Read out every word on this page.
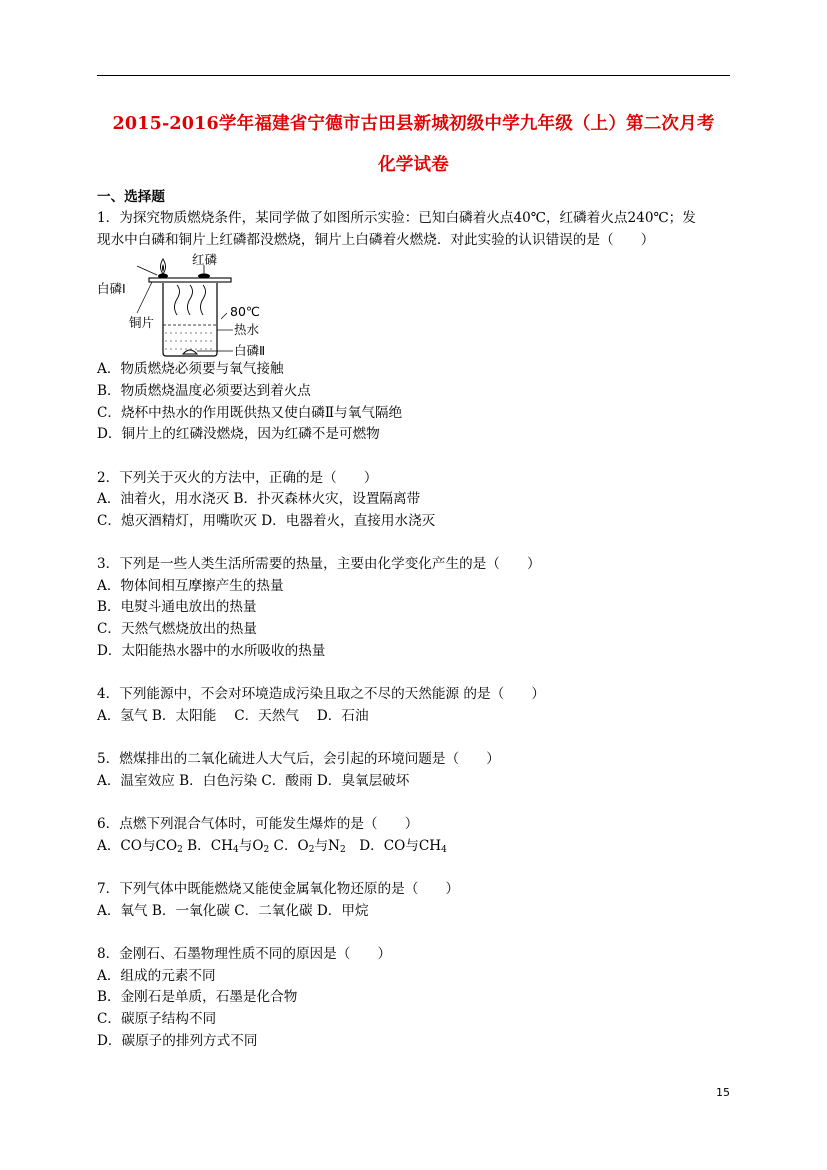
2015-2016学年福建省宁德市古田县新城初级中学九年级（上）第二次月考
化学试卷
一、选择题
1．为探究物质燃烧条件，某同学做了如图所示实验：已知白磷着火点40℃，红磷着火点240℃；发
现水中白磷和铜片上红磷都没燃烧，铜片上白磷着火燃烧．对此实验的认识错误的是（　　）
红磷
白磷Ⅰ
80℃
铜片	热水
白磷Ⅱ
A．物质燃烧必须要与氧气接触
B．物质燃烧温度必须要达到着火点
C．烧杯中热水的作用既供热又使白磷Ⅱ与氧气隔绝
D．铜片上的红磷没燃烧，因为红磷不是可燃物
2．下列关于灭火的方法中，正确的是（　　）
A．油着火，用水浇灭 B．扑灭森林火灾，设置隔离带
C．熄灭酒精灯，用嘴吹灭 D．电器着火，直接用水浇灭
3．下列是一些人类生活所需要的热量，主要由化学变化产生的是（　　）
A．物体间相互摩擦产生的热量
B．电熨斗通电放出的热量
C．天然气燃烧放出的热量
D．太阳能热水器中的水所吸收的热量
4．下列能源中，不会对环境造成污染且取之不尽的天然能源 的是（　　）
A．氢气 B．太阳能　 C．天然气　 D．石油
5．燃煤排出的二氧化硫进人大气后，会引起的环境问题是（　　）
A．温室效应 B．白色污染 C．酸雨 D．臭氧层破坏
6．点燃下列混合气体时，可能发生爆炸的是（　　）
A．CO与$CO_2$ B．$CH_4$与$O_2$ C．$O_2$与$N_2$　D．CO与$CH_4$
7．下列气体中既能燃烧又能使金属氧化物还原的是（　　）
A．氧气 B．一氧化碳 C．二氧化碳 D．甲烷
8．金刚石、石墨物理性质不同的原因是（　　）
A．组成的元素不同
B．金刚石是单质，石墨是化合物
C．碳原子结构不同
D．碳原子的排列方式不同
15
